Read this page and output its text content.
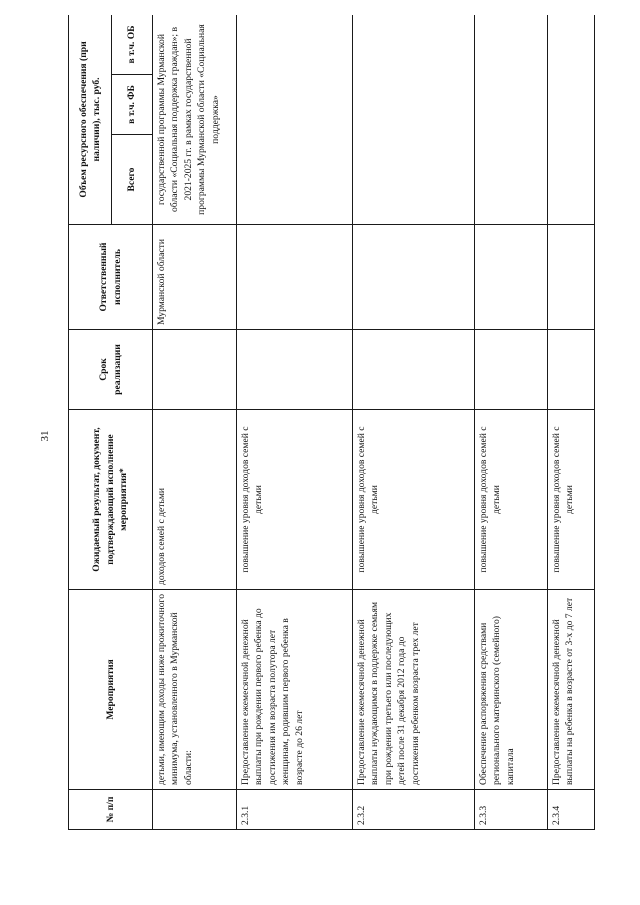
31
№ п/п	Мероприятия	Ожидаемый результат, документ, подтверждающий исполнение мероприятия*	Срок реализации	Ответственный исполнитель	Объем ресурсного обеспечения (при наличии), тыс. руб.		
					Всего	в т.ч. ФБ	в т.ч. ОБ
	детьми, имеющим доходы ниже прожиточного минимума, установленного в Мурманской области:	доходов семей с детьми		Мурманской области	государственной программы Мурманской области «Социальная поддержка граждан»; в 2021-2025 гг. в рамках государственной программы Мурманской области «Социальная поддержка»		
2.3.1	Предоставление ежемесячной денежной выплаты при рождении первого ребенка до достижения им возраста полутора лет женщинам, родившим первого ребенка в возрасте до 26 лет	повышение уровня доходов семей с детьми					
2.3.2	Предоставление ежемесячной денежной выплаты нуждающимся в поддержке семьям при рождении третьего или последующих детей после 31 декабря 2012 года до достижения ребенком возраста трех лет	повышение уровня доходов семей с детьми					
2.3.3	Обеспечение распоряжения средствами регионального материнского (семейного) капитала	повышение уровня доходов семей с детьми					
2.3.4	Предоставление ежемесячной денежной выплаты на ребенка в возрасте от 3-х до 7 лет	повышение уровня доходов семей с детьми					
